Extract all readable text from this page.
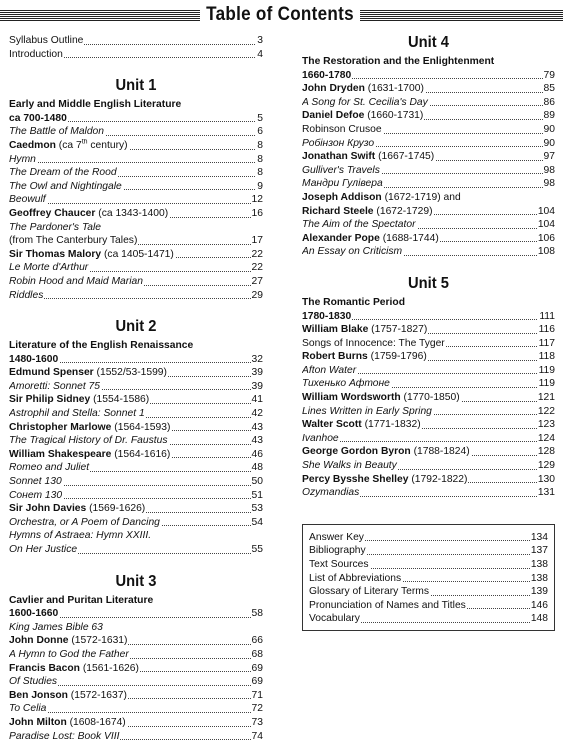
Table of Contents
Syllabus Outline	3
Introduction	4
Unit 1
Early and Middle English Literature
ca 700-1480	5
The Battle of Maldon	6
Caedmon (ca 7th century)	8
Hymn	8
The Dream of the Rood	8
The Owl and Nightingale	9
Beowulf	12
Geoffrey Chaucer (ca 1343-1400)	16
The Pardoner's Tale
(from The Canterbury Tales)	17
Sir Thomas Malory (ca 1405-1471)	22
Le Morte d'Arthur	22
Robin Hood and Maid Marian	27
Riddles	29
Unit 2
Literature of the English Renaissance
1480-1600	32
Edmund Spenser (1552/53-1599)	39
Amoretti: Sonnet 75	39
Sir Philip Sidney (1554-1586)	41
Astrophil and Stella: Sonnet 1	42
Christopher Marlowe (1564-1593)	43
The Tragical History of Dr. Faustus	43
William Shakespeare (1564-1616)	46
Romeo and Juliet	48
Sonnet 130	50
Сонет 130	51
Sir John Davies (1569-1626)	53
Orchestra, or A Poem of Dancing	54
Hymns of Astraea: Hymn XXIII.
On Her Justice	55
Unit 3
Cavlier and Puritan Literature
1600-1660	58
King James Bible 63
John Donne (1572-1631)	66
A Hymn to God the Father	68
Francis Bacon (1561-1626)	69
Of Studies	69
Ben Jonson (1572-1637)	71
To Celia	72
John Milton (1608-1674)	73
Paradise Lost: Book VIII	74
Unit 4
The Restoration and the Enlightenment
1660-1780	79
John Dryden (1631-1700)	85
A Song for St. Cecilia's Day	86
Daniel Defoe (1660-1731)	89
Robinson Crusoe	90
Робінзон Крузо	90
Jonathan Swift (1667-1745)	97
Gulliver's Travels	98
Мандри Гулівера	98
Joseph Addison (1672-1719) and
Richard Steele (1672-1729)	104
The Aim of the Spectator	104
Alexander Pope (1688-1744)	106
An Essay on Criticism	108
Unit 5
The Romantic Period
1780-1830	111
William Blake (1757-1827)	116
Songs of Innocence: The Tyger	117
Robert Burns (1759-1796)	118
Afton Water	119
Тихенько Афтоне	119
William Wordsworth (1770-1850)	121
Lines Written in Early Spring	122
Walter Scott (1771-1832)	123
Ivanhoe	124
George Gordon Byron (1788-1824)	128
She Walks in Beauty	129
Percy Bysshe Shelley (1792-1822)	130
Ozymandias	131
Answer Key	134
Bibliography	137
Text Sources	138
List of Abbreviations	138
Glossary of Literary Terms	139
Pronunciation of Names and Titles	146
Vocabulary	148
